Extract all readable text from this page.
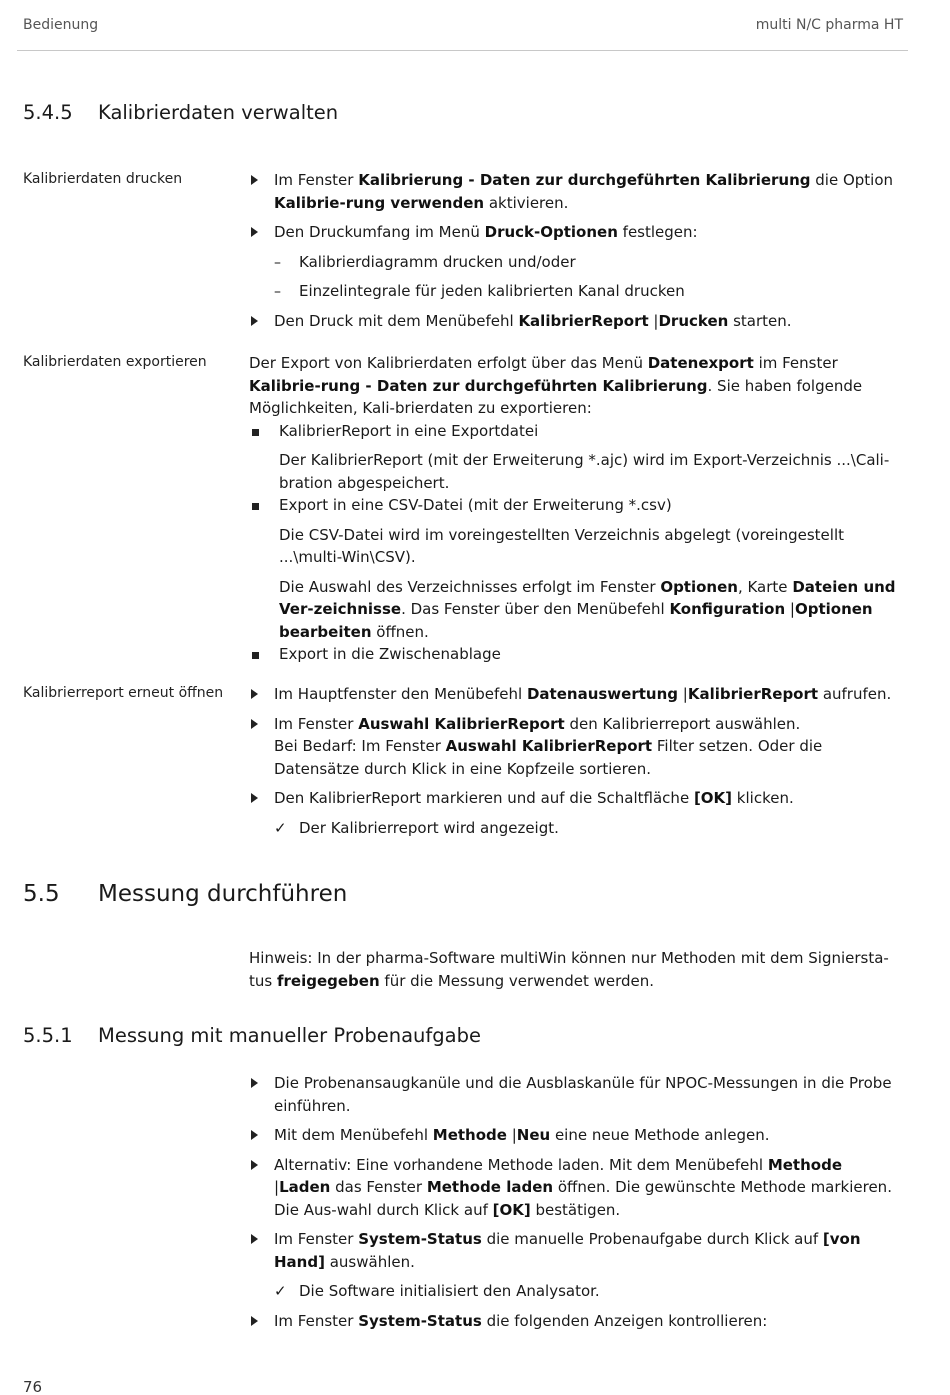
Bedienung	multi N/C pharma HT
5.4.5 Kalibrierdaten verwalten
Kalibrierdaten drucken	Im Fenster Kalibrierung - Daten zur durchgeführten Kalibrierung die Option Kalibrie-rung verwenden aktivieren.
Den Druckumfang im Menü Druck-Optionen festlegen:
–	Kalibrierdiagramm drucken und/oder
–	Einzelintegrale für jeden kalibrierten Kanal drucken
Den Druck mit dem Menübefehl KalibrierReport |Drucken starten.
Kalibrierdaten exportieren	Der Export von Kalibrierdaten erfolgt über das Menü Datenexport im Fenster Kalibrie-rung - Daten zur durchgeführten Kalibrierung. Sie haben folgende Möglichkeiten, Kali-brierdaten zu exportieren:
KalibrierReport in eine Exportdatei
Der KalibrierReport (mit der Erweiterung *.ajc) wird im Export-Verzeichnis ...\Cali-bration abgespeichert.
Export in eine CSV-Datei (mit der Erweiterung *.csv)
Die CSV-Datei wird im voreingestellten Verzeichnis abgelegt (voreingestellt ...\multi-Win\CSV).
Die Auswahl des Verzeichnisses erfolgt im Fenster Optionen, Karte Dateien und Ver-zeichnisse. Das Fenster über den Menübefehl Konfiguration |Optionen bearbeiten öffnen.
Export in die Zwischenablage
Kalibrierreport erneut öffnen	Im Hauptfenster den Menübefehl Datenauswertung |KalibrierReport aufrufen.
Im Fenster Auswahl KalibrierReport den Kalibrierreport auswählen.
Bei Bedarf: Im Fenster Auswahl KalibrierReport Filter setzen. Oder die Datensätze durch Klick in eine Kopfzeile sortieren.
Den KalibrierReport markieren und auf die Schaltfläche [OK] klicken.
✓ Der Kalibrierreport wird angezeigt.
5.5 Messung durchführen
Hinweis: In der pharma-Software multiWin können nur Methoden mit dem Signiersta-tus freigegeben für die Messung verwendet werden.
5.5.1 Messung mit manueller Probenaufgabe
Die Probenansaugkanüle und die Ausblaskanüle für NPOC-Messungen in die Probe einführen.
Mit dem Menübefehl Methode |Neu eine neue Methode anlegen.
Alternativ: Eine vorhandene Methode laden. Mit dem Menübefehl Methode |Laden das Fenster Methode laden öffnen. Die gewünschte Methode markieren. Die Aus-wahl durch Klick auf [OK] bestätigen.
Im Fenster System-Status die manuelle Probenaufgabe durch Klick auf [von Hand] auswählen.
✓ Die Software initialisiert den Analysator.
Im Fenster System-Status die folgenden Anzeigen kontrollieren:
76
